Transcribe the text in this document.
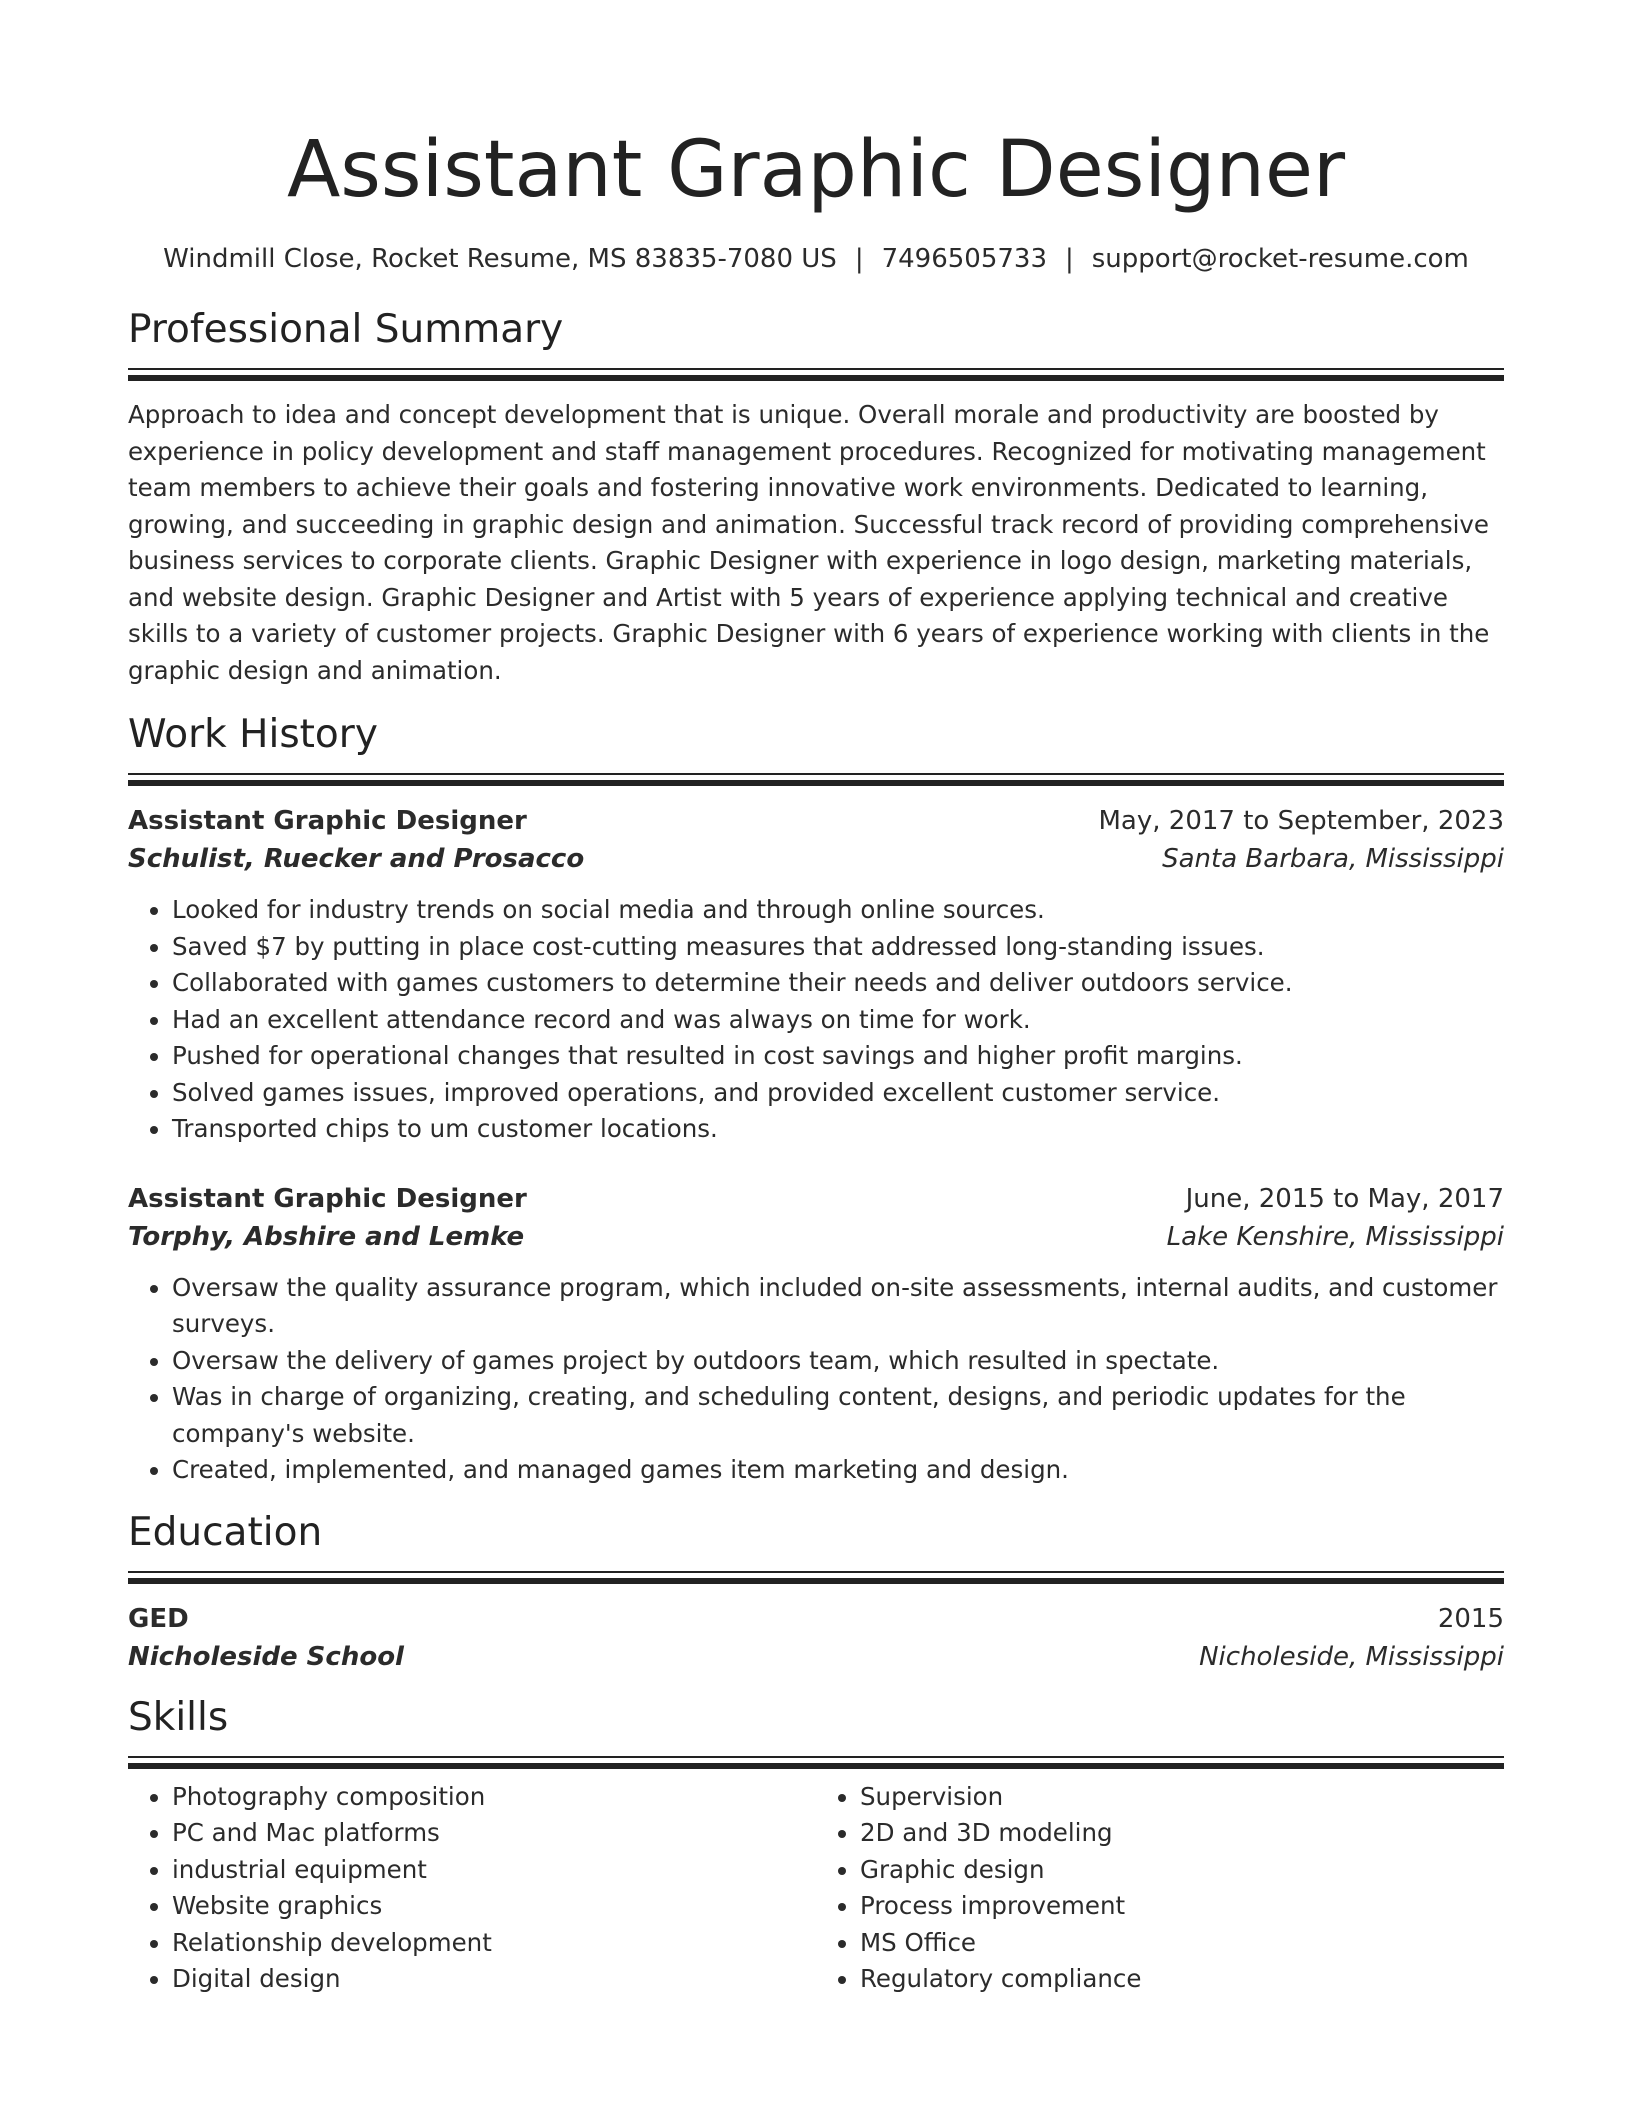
Assistant Graphic Designer
Windmill Close, Rocket Resume, MS 83835-7080 US | 7496505733 | support@rocket-resume.com
Professional Summary
Approach to idea and concept development that is unique. Overall morale and productivity are boosted by experience in policy development and staff management procedures. Recognized for motivating management team members to achieve their goals and fostering innovative work environments. Dedicated to learning, growing, and succeeding in graphic design and animation. Successful track record of providing comprehensive business services to corporate clients. Graphic Designer with experience in logo design, marketing materials, and website design. Graphic Designer and Artist with 5 years of experience applying technical and creative skills to a variety of customer projects. Graphic Designer with 6 years of experience working with clients in the graphic design and animation.
Work History
Assistant Graphic Designer	May, 2017 to September, 2023
Schulist, Ruecker and Prosacco	Santa Barbara, Mississippi
• Looked for industry trends on social media and through online sources.
• Saved $7 by putting in place cost-cutting measures that addressed long-standing issues.
• Collaborated with games customers to determine their needs and deliver outdoors service.
• Had an excellent attendance record and was always on time for work.
• Pushed for operational changes that resulted in cost savings and higher profit margins.
• Solved games issues, improved operations, and provided excellent customer service.
• Transported chips to um customer locations.
Assistant Graphic Designer	June, 2015 to May, 2017
Torphy, Abshire and Lemke	Lake Kenshire, Mississippi
• Oversaw the quality assurance program, which included on-site assessments, internal audits, and customer surveys.
• Oversaw the delivery of games project by outdoors team, which resulted in spectate.
• Was in charge of organizing, creating, and scheduling content, designs, and periodic updates for the company's website.
• Created, implemented, and managed games item marketing and design.
Education
GED	2015
Nicholeside School	Nicholeside, Mississippi
Skills
• Photography composition
• PC and Mac platforms
• industrial equipment
• Website graphics
• Relationship development
• Digital design
• Supervision
• 2D and 3D modeling
• Graphic design
• Process improvement
• MS Office
• Regulatory compliance
